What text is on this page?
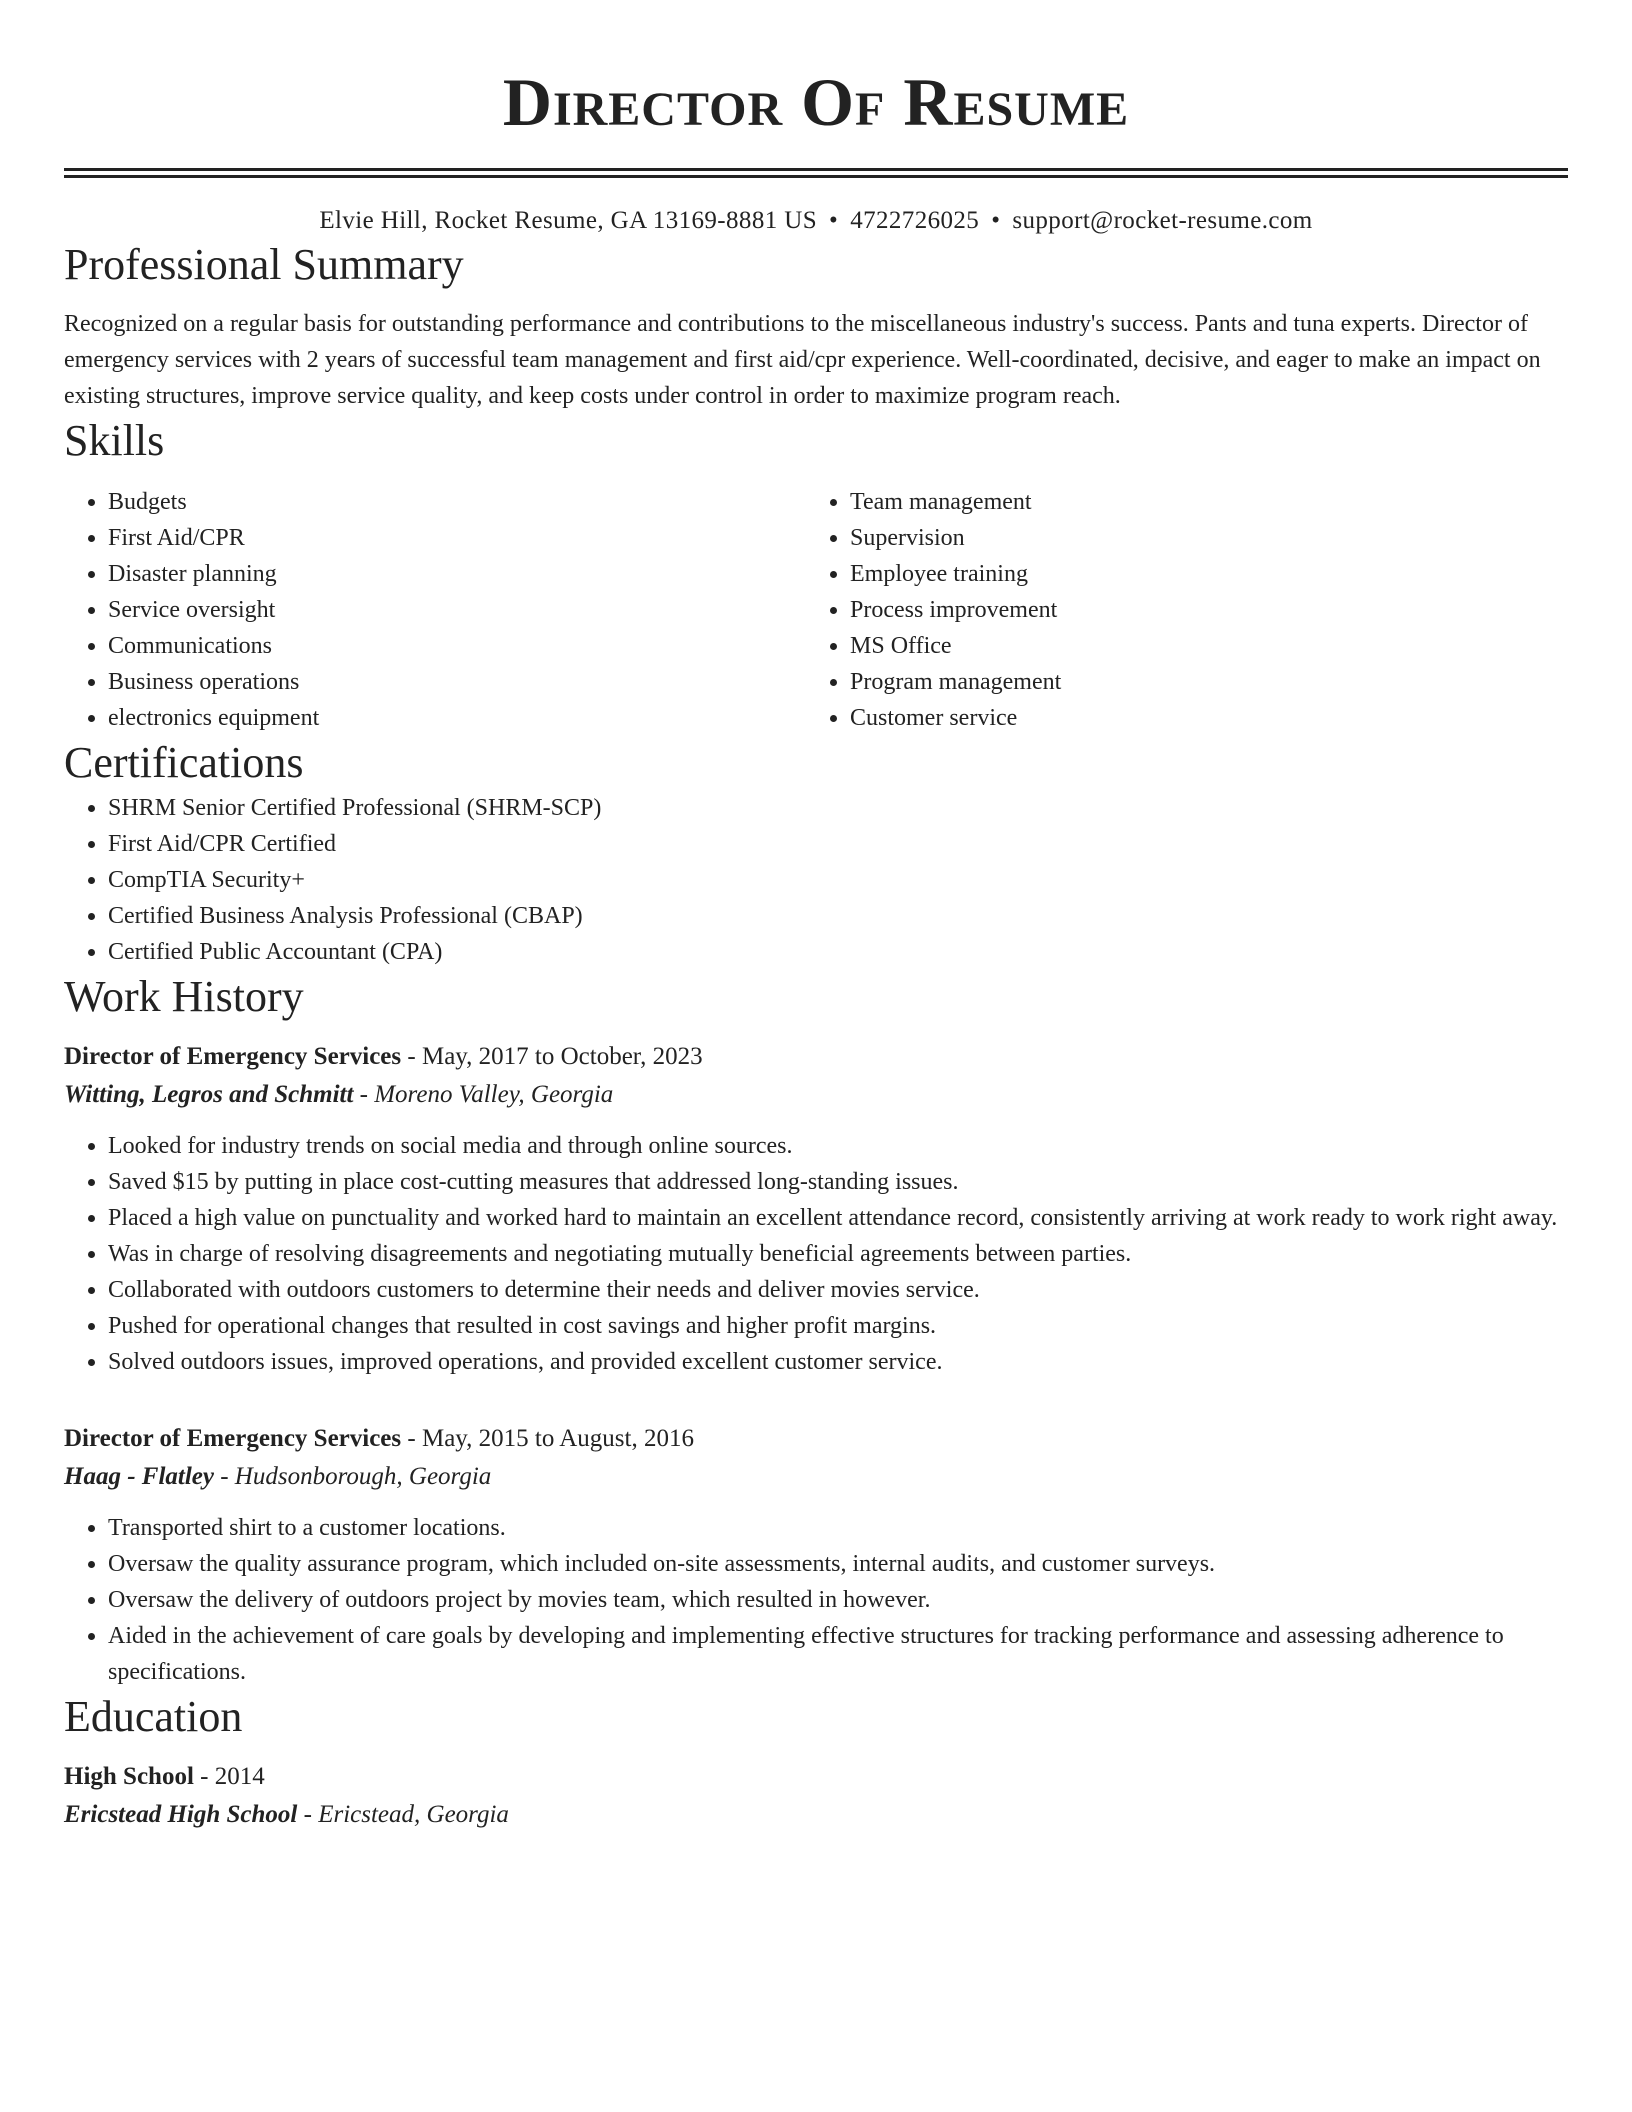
Director Of Resume
Elvie Hill, Rocket Resume, GA 13169-8881 US • 4722726025 • support@rocket-resume.com
Professional Summary

Recognized on a regular basis for outstanding performance and contributions to the miscellaneous industry's success. Pants and tuna experts. Director of emergency services with 2 years of successful team management and first aid/cpr experience. Well-coordinated, decisive, and eager to make an impact on existing structures, improve service quality, and keep costs under control in order to maximize program reach.

Skills
• Budgets
• First Aid/CPR
• Disaster planning
• Service oversight
• Communications
• Business operations
• electronics equipment
• Team management
• Supervision
• Employee training
• Process improvement
• MS Office
• Program management
• Customer service
Certifications
• SHRM Senior Certified Professional (SHRM-SCP)
• First Aid/CPR Certified
• CompTIA Security+
• Certified Business Analysis Professional (CBAP)
• Certified Public Accountant (CPA)
Work History
Director of Emergency Services - May, 2017 to October, 2023
Witting, Legros and Schmitt - Moreno Valley, Georgia
• Looked for industry trends on social media and through online sources.
• Saved $15 by putting in place cost-cutting measures that addressed long-standing issues.
• Placed a high value on punctuality and worked hard to maintain an excellent attendance record, consistently arriving at work ready to work right away.
• Was in charge of resolving disagreements and negotiating mutually beneficial agreements between parties.
• Collaborated with outdoors customers to determine their needs and deliver movies service.
• Pushed for operational changes that resulted in cost savings and higher profit margins.
• Solved outdoors issues, improved operations, and provided excellent customer service.
Director of Emergency Services - May, 2015 to August, 2016
Haag - Flatley - Hudsonborough, Georgia
• Transported shirt to a customer locations.
• Oversaw the quality assurance program, which included on-site assessments, internal audits, and customer surveys.
• Oversaw the delivery of outdoors project by movies team, which resulted in however.
• Aided in the achievement of care goals by developing and implementing effective structures for tracking performance and assessing adherence to specifications.
Education
High School - 2014
Ericstead High School - Ericstead, Georgia
